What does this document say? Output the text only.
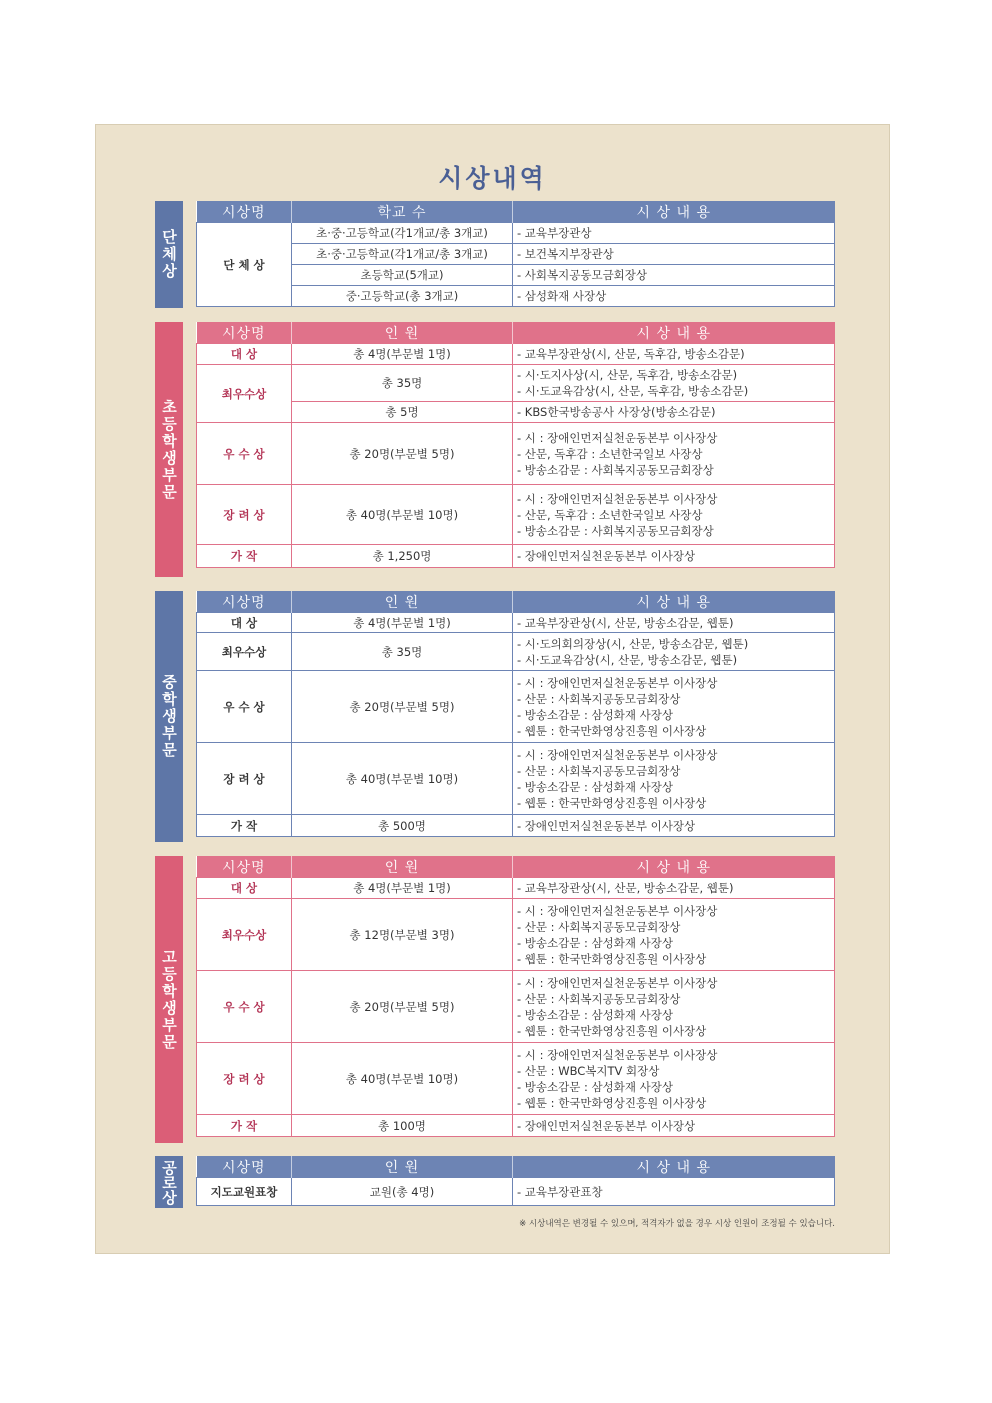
시상내역
단체상
시상명	학교 수	시 상 내 용
단 체 상	초·중·고등학교(각1개교/총 3개교)	- 교육부장관상

	초·중·고등학교(각1개교/총 3개교)	- 보건복지부장관상

	초등학교(5개교)	- 사회복지공동모금회장상

	중·고등학교(총 3개교)	- 삼성화재 사장상
초등학생부문
시상명	인 원	시 상 내 용
대 상	총 4명(부문별 1명)	- 교육부장관상(시, 산문, 독후감, 방송소감문)

최우수상	총 35명	- 시·도지사상(시, 산문, 독후감, 방송소감문)
- 시·도교육감상(시, 산문, 독후감, 방송소감문)

	총 5명	- KBS한국방송공사 사장상(방송소감문)

우 수 상	총 20명(부문별 5명)	- 시 : 장애인먼저실천운동본부 이사장상
- 산문, 독후감 : 소년한국일보 사장상
- 방송소감문 : 사회복지공동모금회장상

장 려 상	총 40명(부문별 10명)	- 시 : 장애인먼저실천운동본부 이사장상
- 산문, 독후감 : 소년한국일보 사장상
- 방송소감문 : 사회복지공동모금회장상

가 작	총 1,250명	- 장애인먼저실천운동본부 이사장상
중학생부문
시상명	인 원	시 상 내 용
대 상	총 4명(부문별 1명)	- 교육부장관상(시, 산문, 방송소감문, 웹툰)

최우수상	총 35명	- 시·도의회의장상(시, 산문, 방송소감문, 웹툰)
- 시·도교육감상(시, 산문, 방송소감문, 웹툰)

우 수 상	총 20명(부문별 5명)	- 시 : 장애인먼저실천운동본부 이사장상
- 산문 : 사회복지공동모금회장상
- 방송소감문 : 삼성화재 사장상
- 웹툰 : 한국만화영상진흥원 이사장상

장 려 상	총 40명(부문별 10명)	- 시 : 장애인먼저실천운동본부 이사장상
- 산문 : 사회복지공동모금회장상
- 방송소감문 : 삼성화재 사장상
- 웹툰 : 한국만화영상진흥원 이사장상

가 작	총 500명	- 장애인먼저실천운동본부 이사장상
고등학생부문
시상명	인 원	시 상 내 용
대 상	총 4명(부문별 1명)	- 교육부장관상(시, 산문, 방송소감문, 웹툰)

최우수상	총 12명(부문별 3명)	- 시 : 장애인먼저실천운동본부 이사장상
- 산문 : 사회복지공동모금회장상
- 방송소감문 : 삼성화재 사장상
- 웹툰 : 한국만화영상진흥원 이사장상

우 수 상	총 20명(부문별 5명)	- 시 : 장애인먼저실천운동본부 이사장상
- 산문 : 사회복지공동모금회장상
- 방송소감문 : 삼성화재 사장상
- 웹툰 : 한국만화영상진흥원 이사장상

장 려 상	총 40명(부문별 10명)	- 시 : 장애인먼저실천운동본부 이사장상
- 산문 : WBC복지TV 회장상
- 방송소감문 : 삼성화재 사장상
- 웹툰 : 한국만화영상진흥원 이사장상

가 작	총 100명	- 장애인먼저실천운동본부 이사장상
공로상	시상명	인 원	시 상 내 용
지도교원표창	교원(총 4명)	- 교육부장관표창
※ 시상내역은 변경될 수 있으며, 적격자가 없을 경우 시상 인원이 조정될 수 있습니다.
